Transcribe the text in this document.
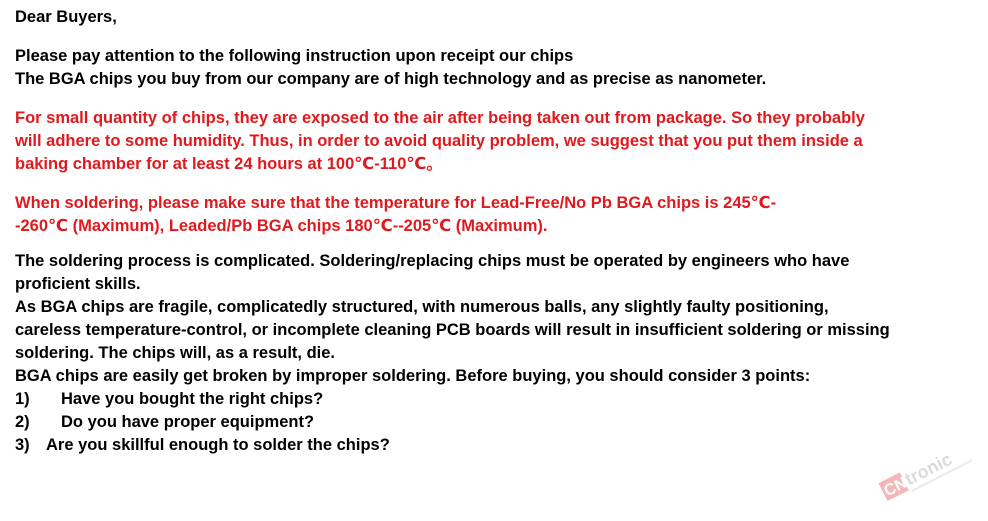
Dear Buyers,
Please pay attention to the following instruction upon receipt our chips
The BGA chips you buy from our company are of high technology and as precise as nanometer.
For small quantity of chips, they are exposed to the air after being taken out from package. So they probably
will adhere to some humidity. Thus, in order to avoid quality problem, we suggest that you put them inside a
baking chamber for at least 24 hours at 100℃-110℃。
When soldering, please make sure that the temperature for Lead-Free/No Pb BGA chips is 245℃-
-260℃ (Maximum), Leaded/Pb BGA chips 180℃--205℃ (Maximum).
The soldering process is complicated. Soldering/replacing chips must be operated by engineers who have
proficient skills.
As BGA chips are fragile, complicatedly structured, with numerous balls, any slightly faulty positioning,
careless temperature-control, or incomplete cleaning PCB boards will result in insufficient soldering or missing
soldering. The chips will, as a result, die.
BGA chips are easily get broken by improper soldering. Before buying, you should consider 3 points:
1) Have you bought the right chips?
2) Do you have proper equipment?
3) Are you skillful enough to solder the chips?
CN
tronic
